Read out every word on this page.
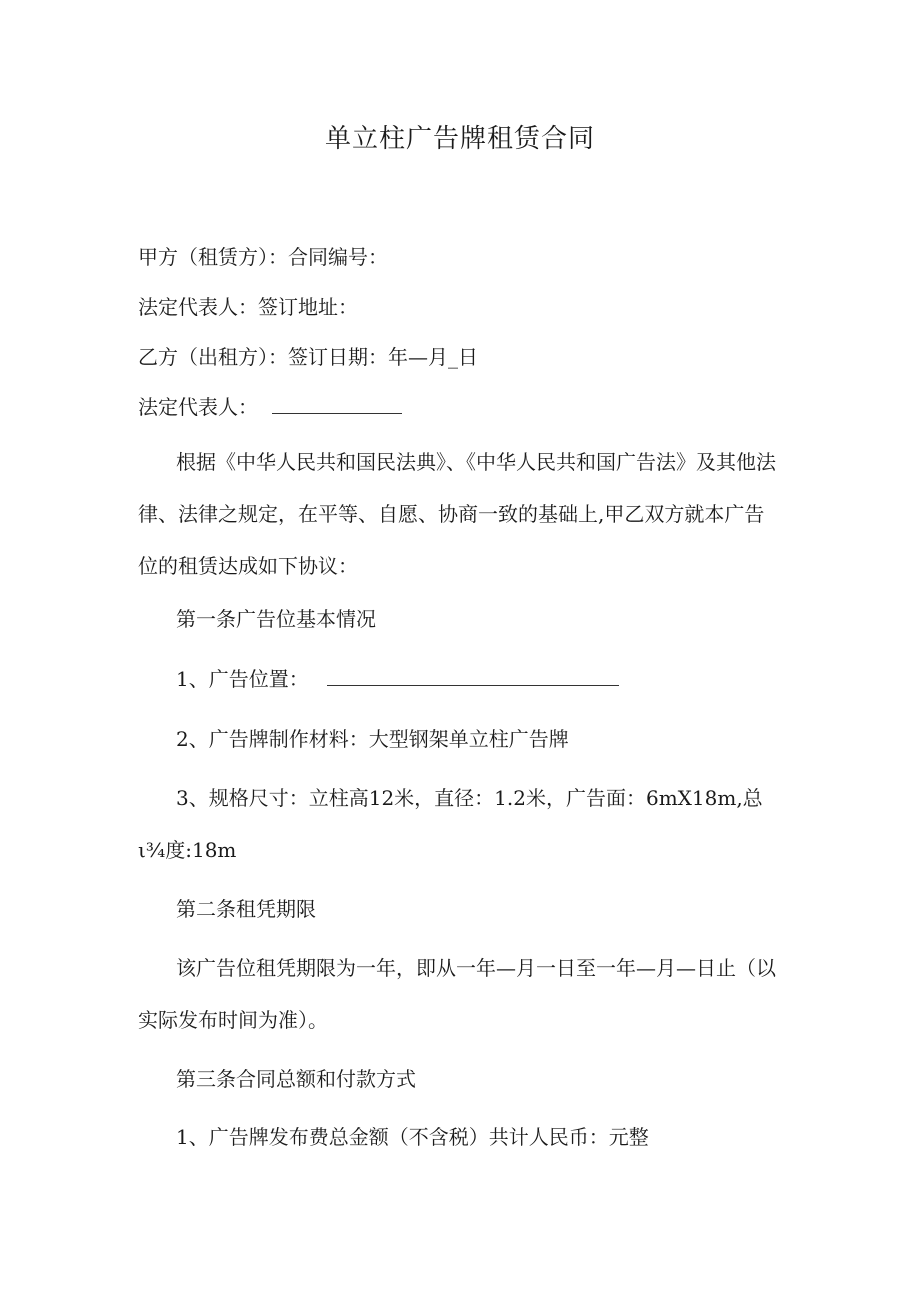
单立柱广告牌租赁合同
甲方（租赁方）：合同编号：
法定代表人：签订地址：
乙方（出租方）：签订日期：年—月_日
法定代表人：
根据《中华人民共和国民法典》、《中华人民共和国广告法》及其他法律、法律之规定，在平等、自愿、协商一致的基础上,甲乙双方就本广告位的租赁达成如下协议：
第一条广告位基本情况
1、广告位置：
2、广告牌制作材料：大型钢架单立柱广告牌
3、规格尺寸：立柱高12米，直径：1.2米，广告面：6mX18m,总ι¾度:18m
第二条租凭期限
该广告位租凭期限为一年，即从一年—月一日至一年—月—日止（以实际发布时间为准）。
第三条合同总额和付款方式
1、广告牌发布费总金额（不含税）共计人民币：元整
